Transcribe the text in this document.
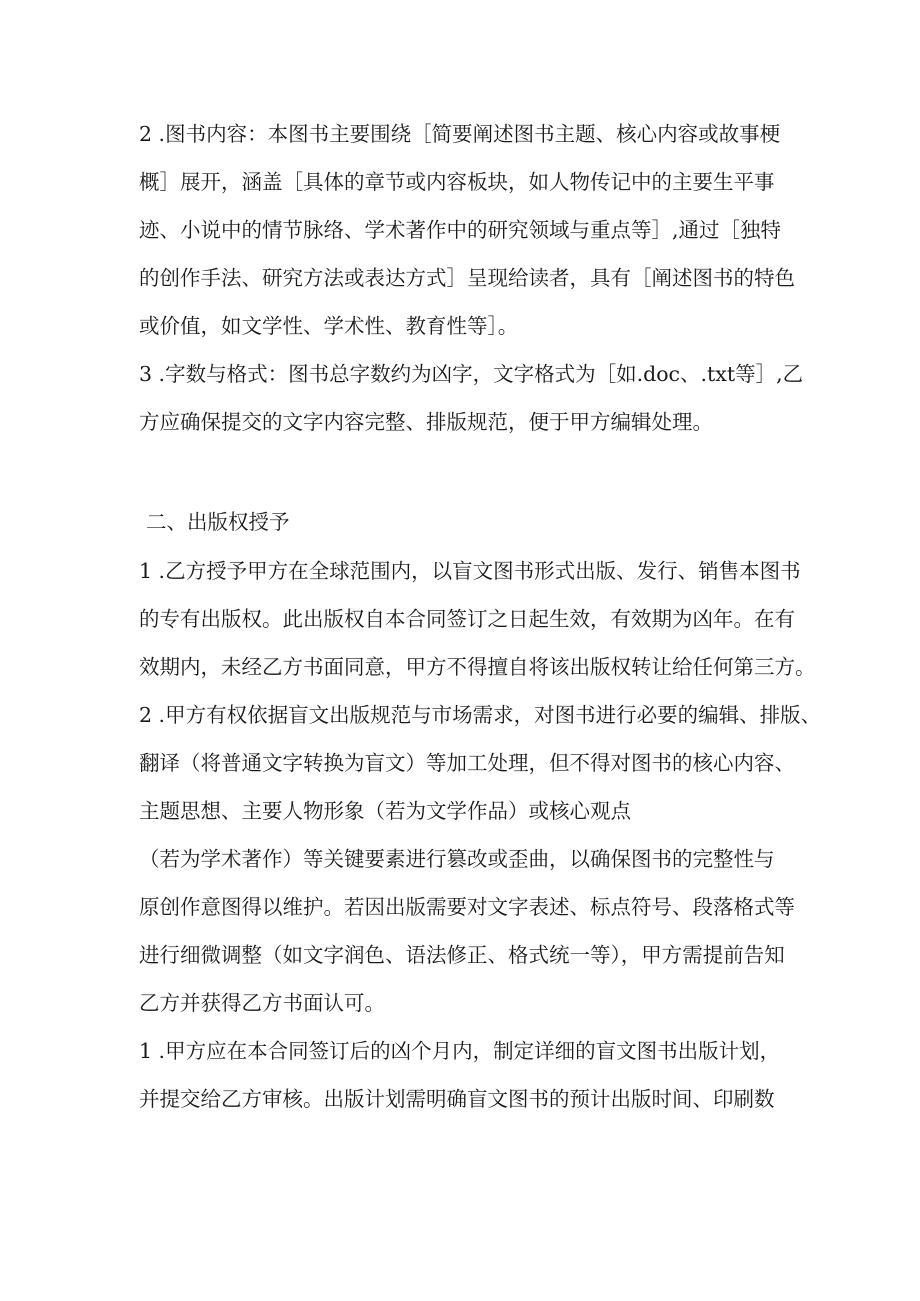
2 .图书内容：本图书主要围绕［简要阐述图书主题、核心内容或故事梗
概］展开，涵盖［具体的章节或内容板块，如人物传记中的主要生平事
迹、小说中的情节脉络、学术著作中的研究领域与重点等］,通过［独特
的创作手法、研究方法或表达方式］呈现给读者，具有［阐述图书的特色
或价值，如文学性、学术性、教育性等］。
3 .字数与格式：图书总字数约为凶字，文字格式为［如.doc、.txt等］,乙
方应确保提交的文字内容完整、排版规范，便于甲方编辑处理。
二、出版权授予
1 .乙方授予甲方在全球范围内，以盲文图书形式出版、发行、销售本图书
的专有出版权。此出版权自本合同签订之日起生效，有效期为凶年。在有
效期内，未经乙方书面同意，甲方不得擅自将该出版权转让给任何第三方。
2 .甲方有权依据盲文出版规范与市场需求，对图书进行必要的编辑、排版、
翻译（将普通文字转换为盲文）等加工处理，但不得对图书的核心内容、
主题思想、主要人物形象（若为文学作品）或核心观点
（若为学术著作）等关键要素进行篡改或歪曲，以确保图书的完整性与
原创作意图得以维护。若因出版需要对文字表述、标点符号、段落格式等
进行细微调整（如文字润色、语法修正、格式统一等），甲方需提前告知
乙方并获得乙方书面认可。
1 .甲方应在本合同签订后的凶个月内，制定详细的盲文图书出版计划，
并提交给乙方审核。出版计划需明确盲文图书的预计出版时间、印刷数
